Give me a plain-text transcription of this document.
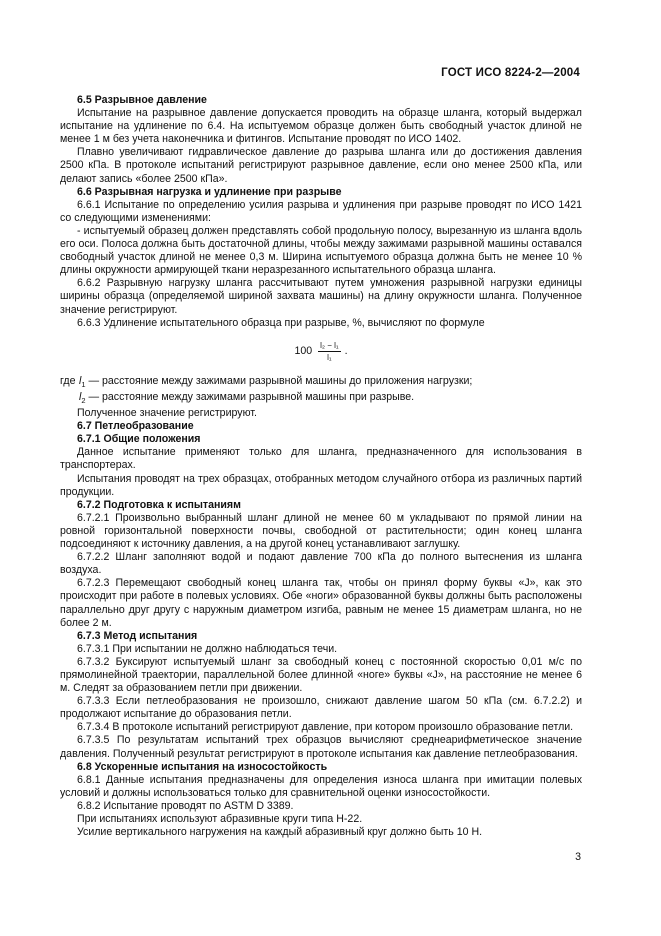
ГОСТ ИСО 8224-2—2004

6.5 Разрывное давление

Испытание на разрывное давление допускается проводить на образце шланга, который выдержал испытание на удлинение по 6.4. На испытуемом образце должен быть свободный участок длиной не менее 1 м без учета наконечника и фитингов. Испытание проводят по ИСО 1402.

Плавно увеличивают гидравлическое давление до разрыва шланга или до достижения давления 2500 кПа. В протоколе испытаний регистрируют разрывное давление, если оно менее 2500 кПа, или делают запись «более 2500 кПа».

6.6 Разрывная нагрузка и удлинение при разрыве

6.6.1 Испытание по определению усилия разрыва и удлинения при разрыве проводят по ИСО 1421 со следующими изменениями:

- испытуемый образец должен представлять собой продольную полосу, вырезанную из шланга вдоль его оси. Полоса должна быть достаточной длины, чтобы между зажимами разрывной машины оставался свободный участок длиной не менее 0,3 м. Ширина испытуемого образца должна быть не менее 10 % длины окружности армирующей ткани неразрезанного испытательного образца шланга.

6.6.2 Разрывную нагрузку шланга рассчитывают путем умножения разрывной нагрузки единицы ширины образца (определяемой шириной захвата машины) на длину окружности шланга. Полученное значение регистрируют.

6.6.3 Удлинение испытательного образца при разрыве, %, вычисляют по формуле

$100 \frac{\text{l₂ − l₁}}{\text{l₁}}$ .

где $l_1$ — расстояние между зажимами разрывной машины до приложения нагрузки;

$l_2$ — расстояние между зажимами разрывной машины при разрыве.

Полученное значение регистрируют.

6.7 Петлеобразование

6.7.1 Общие положения

Данное испытание применяют только для шланга, предназначенного для использования в транспортерах.

Испытания проводят на трех образцах, отобранных методом случайного отбора из различных партий продукции.

6.7.2 Подготовка к испытаниям

6.7.2.1 Произвольно выбранный шланг длиной не менее 60 м укладывают по прямой линии на ровной горизонтальной поверхности почвы, свободной от растительности; один конец шланга подсоединяют к источнику давления, а на другой конец устанавливают заглушку.

6.7.2.2 Шланг заполняют водой и подают давление 700 кПа до полного вытеснения из шланга воздуха.

6.7.2.3 Перемещают свободный конец шланга так, чтобы он принял форму буквы «J», как это происходит при работе в полевых условиях. Обе «ноги» образованной буквы должны быть расположены параллельно друг другу с наружным диаметром изгиба, равным не менее 15 диаметрам шланга, но не более 2 м.

6.7.3 Метод испытания

6.7.3.1 При испытании не должно наблюдаться течи.

6.7.3.2 Буксируют испытуемый шланг за свободный конец с постоянной скоростью 0,01 м/с по прямолинейной траектории, параллельной более длинной «ноге» буквы «J», на расстояние не менее 6 м. Следят за образованием петли при движении.

6.7.3.3 Если петлеобразования не произошло, снижают давление шагом 50 кПа (см. 6.7.2.2) и продолжают испытание до образования петли.

6.7.3.4 В протоколе испытаний регистрируют давление, при котором произошло образование петли.

6.7.3.5 По результатам испытаний трех образцов вычисляют среднеарифметическое значение давления. Полученный результат регистрируют в протоколе испытания как давление петлеобразования.

6.8 Ускоренные испытания на износостойкость

6.8.1 Данные испытания предназначены для определения износа шланга при имитации полевых условий и должны использоваться только для сравнительной оценки износостойкости.

6.8.2 Испытание проводят по ASTM D 3389.

При испытаниях используют абразивные круги типа Н-22.

Усилие вертикального нагружения на каждый абразивный круг должно быть 10 Н.

3
